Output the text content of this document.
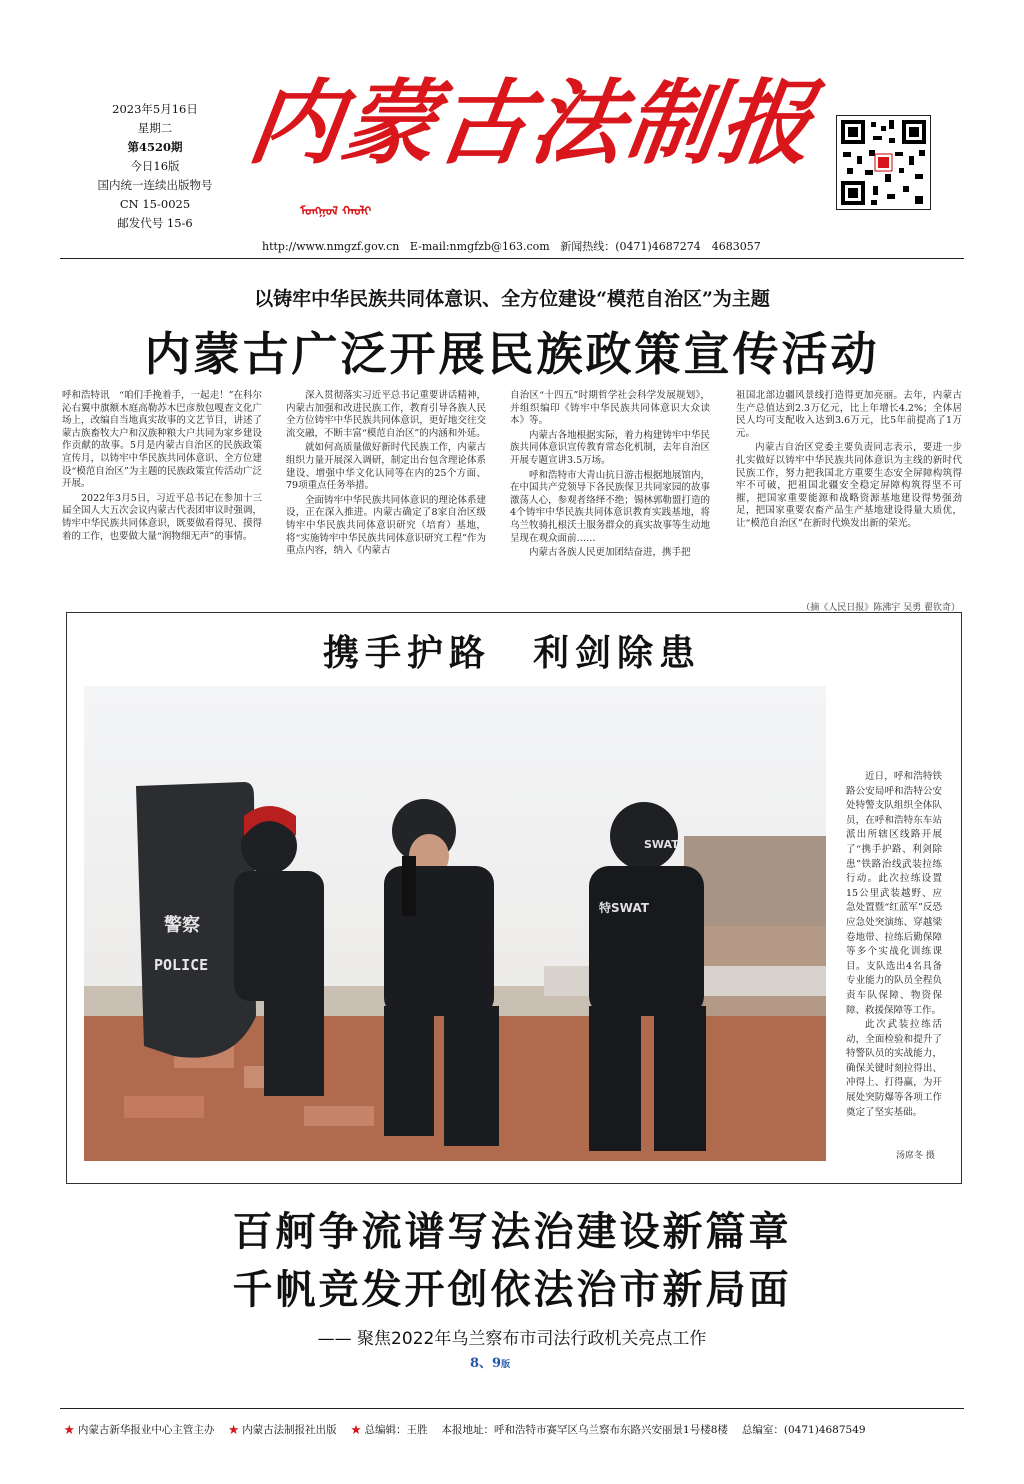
2023年5月16日
星期二
第4520期
今日16版
国内统一连续出版物号
CN 15-0025
邮发代号 15-6
内蒙古法制报
ᠮᠣᠩᠭᠣᠯ ᠬᠠᠤᠯᠢ
http://www.nmgzf.gov.cn E-mail:nmgfzb@163.com 新闻热线：(0471)4687274　4683057
以铸牢中华民族共同体意识、全方位建设“模范自治区”为主题
内蒙古广泛开展民族政策宣传活动

呼和浩特讯　“咱们手挽着手，一起走！”在科尔沁右翼中旗额木庭高勒苏木巴彦敖包嘎查文化广场上，改编自当地真实故事的文艺节目，讲述了蒙古族畜牧大户和汉族种粮大户共同为家乡建设作贡献的故事。5月是内蒙古自治区的民族政策宣传月，以铸牢中华民族共同体意识、全方位建设“模范自治区”为主题的民族政策宣传活动广泛开展。

2022年3月5日，习近平总书记在参加十三届全国人大五次会议内蒙古代表团审议时强调，铸牢中华民族共同体意识，既要做看得见、摸得着的工作，也要做大量“润物细无声”的事情。

深入贯彻落实习近平总书记重要讲话精神，内蒙古加强和改进民族工作，教育引导各族人民全方位铸牢中华民族共同体意识，更好地交往交流交融，不断丰富“模范自治区”的内涵和外延。

就如何高质量做好新时代民族工作，内蒙古组织力量开展深入调研，制定出台包含理论体系建设、增强中华文化认同等在内的25个方面、79项重点任务举措。

全面铸牢中华民族共同体意识的理论体系建设，正在深入推进。内蒙古确定了8家自治区级铸牢中华民族共同体意识研究（培育）基地，将“实施铸牢中华民族共同体意识研究工程”作为重点内容，纳入《内蒙古

自治区“十四五”时期哲学社会科学发展规划》，并组织编印《铸牢中华民族共同体意识大众读本》等。

内蒙古各地根据实际，着力构建铸牢中华民族共同体意识宣传教育常态化机制，去年自治区开展专题宣讲3.5万场。

呼和浩特市大青山抗日游击根据地展馆内，在中国共产党领导下各民族保卫共同家园的故事激荡人心，参观者络绎不绝；锡林郭勒盟打造的4个铸牢中华民族共同体意识教育实践基地，将乌兰牧骑扎根沃土服务群众的真实故事等生动地呈现在观众面前……

内蒙古各族人民更加团结奋进，携手把

祖国北部边疆风景线打造得更加亮丽。去年，内蒙古生产总值达到2.3万亿元，比上年增长4.2%；全体居民人均可支配收入达到3.6万元，比5年前提高了1万元。

内蒙古自治区党委主要负责同志表示，要进一步扎实做好以铸牢中华民族共同体意识为主线的新时代民族工作，努力把我国北方重要生态安全屏障构筑得牢不可破，把祖国北疆安全稳定屏障构筑得坚不可摧，把国家重要能源和战略资源基地建设得势强劲足，把国家重要农畜产品生产基地建设得量大质优，让“模范自治区”在新时代焕发出新的荣光。

（摘《人民日报》陈沸宇 吴勇 翟钦奇）
携手护路　利剑除患
警察
POLICE
SWAT
特SWAT

近日，呼和浩特铁路公安局呼和浩特公安处特警支队组织全体队员，在呼和浩特东车站派出所辖区线路开展了“携手护路、利剑除患”铁路治线武装拉练行动。此次拉练设置15公里武装越野、应急处置暨“红蓝军”反恐应急处突演练、穿越梁卷地带、拉练后勤保障等多个实战化训练课目。支队选出4名具备专业能力的队员全程负责车队保障、物资保障、救援保障等工作。

此次武装拉练活动，全面检验和提升了特警队员的实战能力，确保关键时刻拉得出、冲得上、打得赢，为开展处突防爆等各项工作奠定了坚实基础。

汤席冬 摄
百舸争流谱写法治建设新篇章
千帆竞发开创依法治市新局面
—— 聚焦2022年乌兰察布市司法行政机关亮点工作
8、9版
★ 内蒙古新华报业中心主管主办 ★ 内蒙古法制报社出版 ★ 总编辑：王胜 本报地址：呼和浩特市赛罕区乌兰察布东路兴安丽景1号楼8楼 总编室：(0471)4687549
